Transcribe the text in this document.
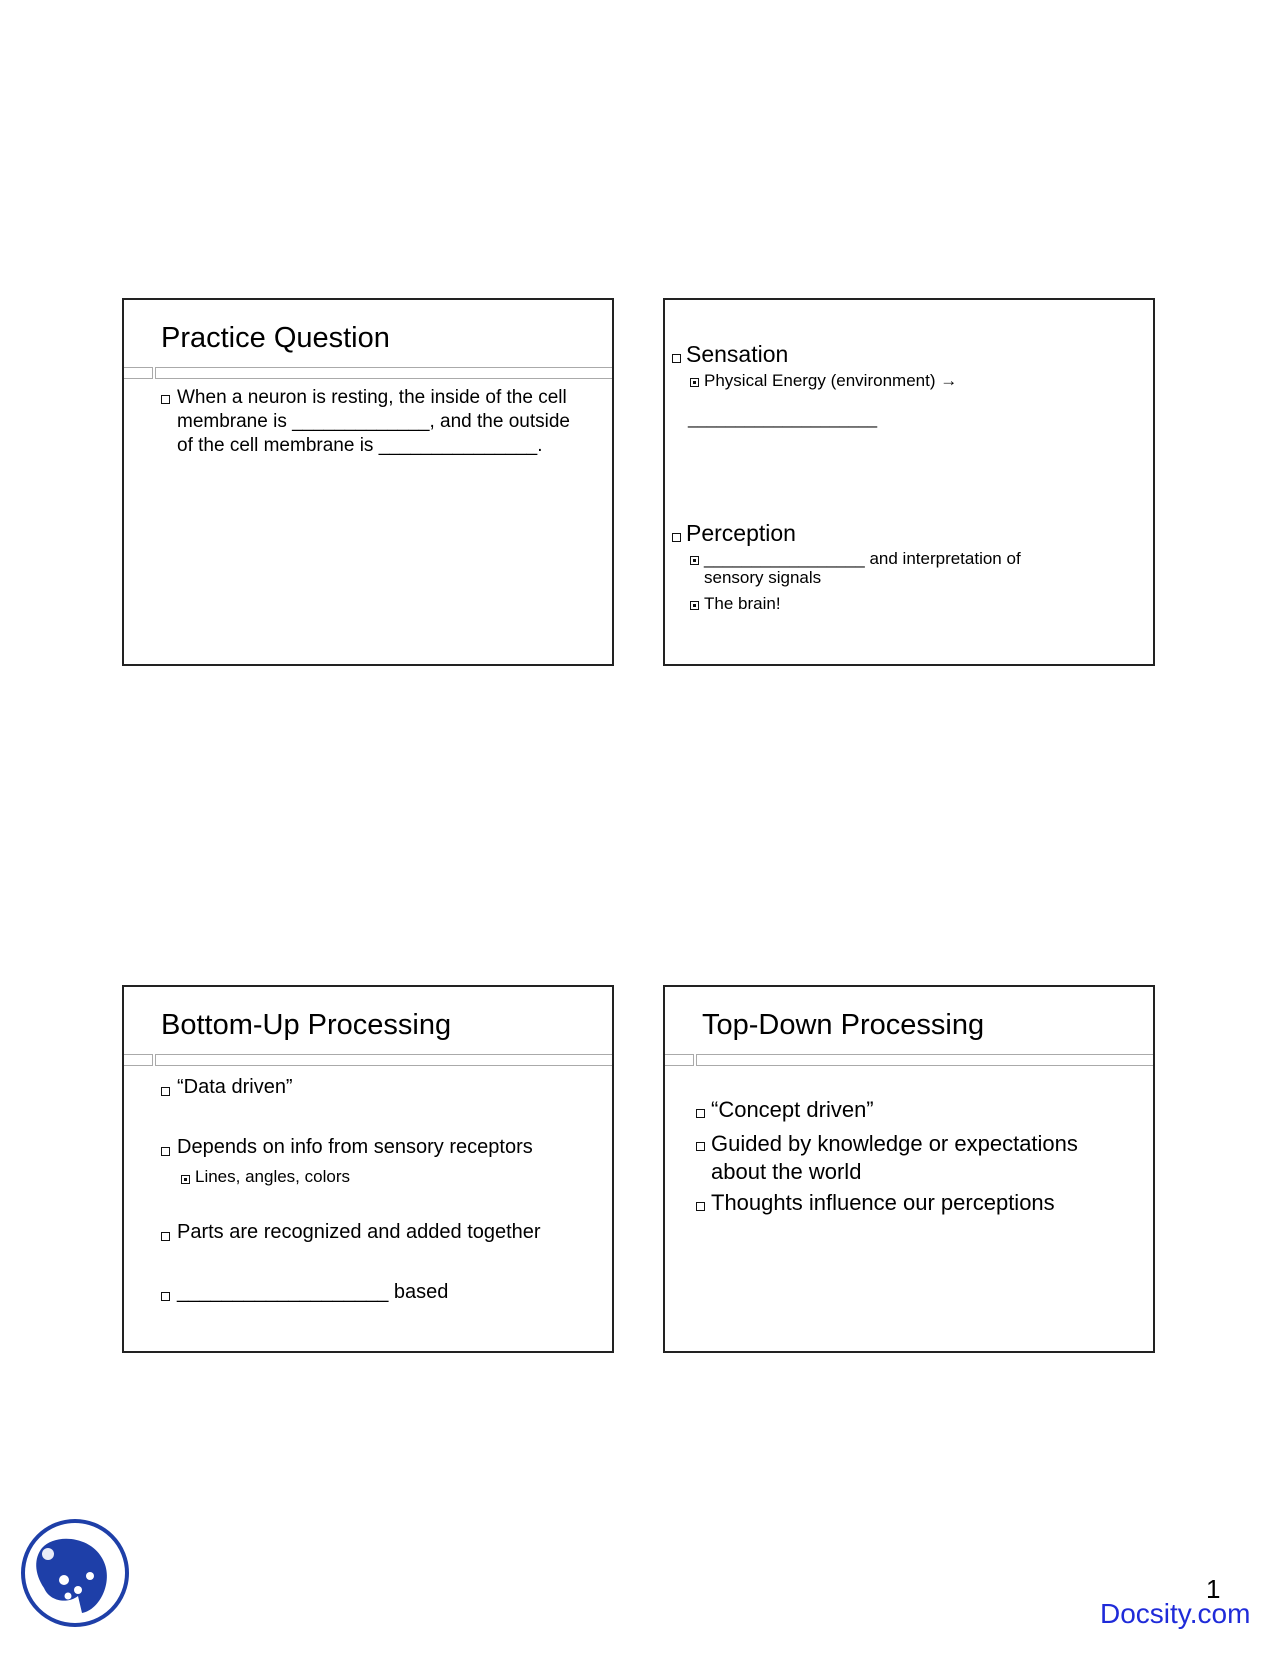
Practice Question
When a neuron is resting, the inside of the cell
membrane is _____________, and the outside
of the cell membrane is _______________.
Sensation
Physical Energy (environment) →
____________________
Perception
_________________ and interpretation of
sensory signals
The brain!
Bottom-Up Processing
“Data driven”
Depends on info from sensory receptors
Lines, angles, colors
Parts are recognized and added together
___________________ based
Top-Down Processing
“Concept driven”
Guided by knowledge or expectations
about the world
Thoughts influence our perceptions
1
Docsity.com
